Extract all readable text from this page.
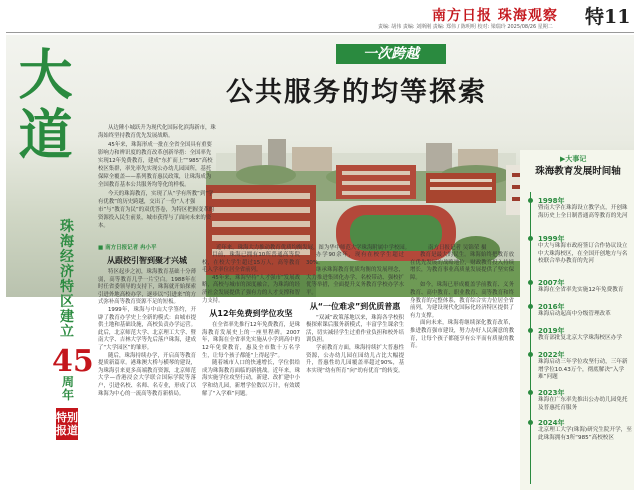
南方日报 珠海观察 特11
责编: 胡伟 责编: 刘斯刚 责编: 郑伟 / 陈明明 校对: 梁瑞玲 2025/08/26 星期二
一次跨越
公共服务的均等探索

从边陲小城跃升为现代化国际化滨海新市，珠海始终坚持教育优先发展战略。

45年来，珠海形成一批在全省全国具有重要影响力和辨识度的教育改革创新举措：全国率先实现12年免费教育，建成“东扩而上”“985”高校校区集群，率先率先实现公办幼儿园园所，基托保障全覆盖——系列教育惠民政策，让珠海成为全国教育基本公共服务均等化的样板。

今天的珠海教育，实现了从“学有所教”到“学有优教”的历史跨越，交出了一份“人才强市”与“教育为民”的双优答卷，为特区把握变革的资源投入民生前景，城市获得与了面向未来的资本。

■ 南方日报记者 冉小平	近年来，珠海大力推动教育优质均衡发展，图为华中师范大学珠海附属中学校园。	南方日报记者 吴锦荣 摄
大道
珠海经济特区建立
45
周年
特别报道
从跟校引智到聚才兴城

特区起步之初，珠海教育基础十分薄弱，高等教育几乎一片空白。1988年在时任省委领导的支持下，珠海就开始探索引进外地高校办学，逐步以“引进来”的方式弥补高等教育资源不足的短板。

1999年，珠海与中山大学签约，开辟了教育办学史上全新的模式：由城市提供土地和基础设施，高校负责办学运营。此后，北京师范大学、北京理工大学、暨南大学、吉林大学等先后落户珠海，建成了“大学园区”的雏形。

随后，珠海持续办学，开启高等教育提质新篇章。港珠澳大桥与横琴的建设，为珠海引来更多高端教育资源，北京师范大学—香港浸会大学联合国际学院等落户，引进名校、名师、名专业，形成了以珠海为中心的一流高等教育新格局。

目前，珠海已拥有10所普通高等院校，在校大学生超过15万人，高等教育毛入学率位居全省前列。

45年来，珠海坚持“人才强市”发展战略，高校与城市的深度融合，为珠海的经济社会发展提供了强有力的人才支撑和智力支持。

从12年免费到学位攻坚

在全省率先推行12年免费教育，是珠海教育发展史上的一座里程碑。2007年，珠海在全省率先实施从小学到高中的12年免费教育，惠及全市数十万名学生，让每个孩子都能“上得起学”。

随着城市人口的快速增长，学位供给成为珠海教育面临的新挑战。近年来，珠海实施学位攻坚行动，新建、改扩建中小学和幼儿园，新增学位数以万计，有效缓解了“入学难”问题。

办学90余年，现有在校学生超过30%。

继承珠海教育优质均衡的发展理念，大力推进集团化办学、名校带动、强校扩优等举措，全面提升义务教育学校办学水平。

从“一位难求”到优质普惠

“双减”政策落地以来，珠海各学校积极探索课后服务新模式，丰富学生课余生活，切实减轻学生过重作业负担和校外培训负担。

学前教育方面，珠海持续扩大普惠性资源，公办幼儿园在园幼儿占比大幅提升，普惠性幼儿园覆盖率超过90%，基本实现“幼有所育”向“幼有优育”的转变。

教育是最大的民生。珠海始终把教育放在优先发展的战略地位，财政教育投入持续增长，为教育事业高质量发展提供了坚实保障。

如今，珠海已形成覆盖学前教育、义务教育、高中教育、职业教育、高等教育和终身教育的完整体系，教育综合实力位居全省前列，为建设现代化国际化经济特区提供了有力支撑。

面向未来，珠海将继续深化教育改革，推进教育强市建设，努力办好人民满意的教育，让每个孩子都能享有公平而有质量的教育。

▶大事记
珠海教育发展时间轴
1998年
暨南大学在珠海设立教学点，开创珠海历史上全日制普通高等教育的先河
1999年
中大与珠海市政府签订合作协议设立中大珠海校区，在全国开创地方与名校联合举办教育的先河
2007年
珠海在全省率先实施12年免费教育
2016年
珠海启动起高中分级管理改革
2019年
教育部批复北京大学珠海校区办学
2022年
珠海启动三年学位攻坚行动，三年新增学位10.43万个，彻底解决“入学难”问题
2023年
珠海在广东率先推出公办幼儿园免托及普惠托育服务
2024年
北京理工大学(珠海)研究生院开学，至此珠海拥有3所“985”高校校区
